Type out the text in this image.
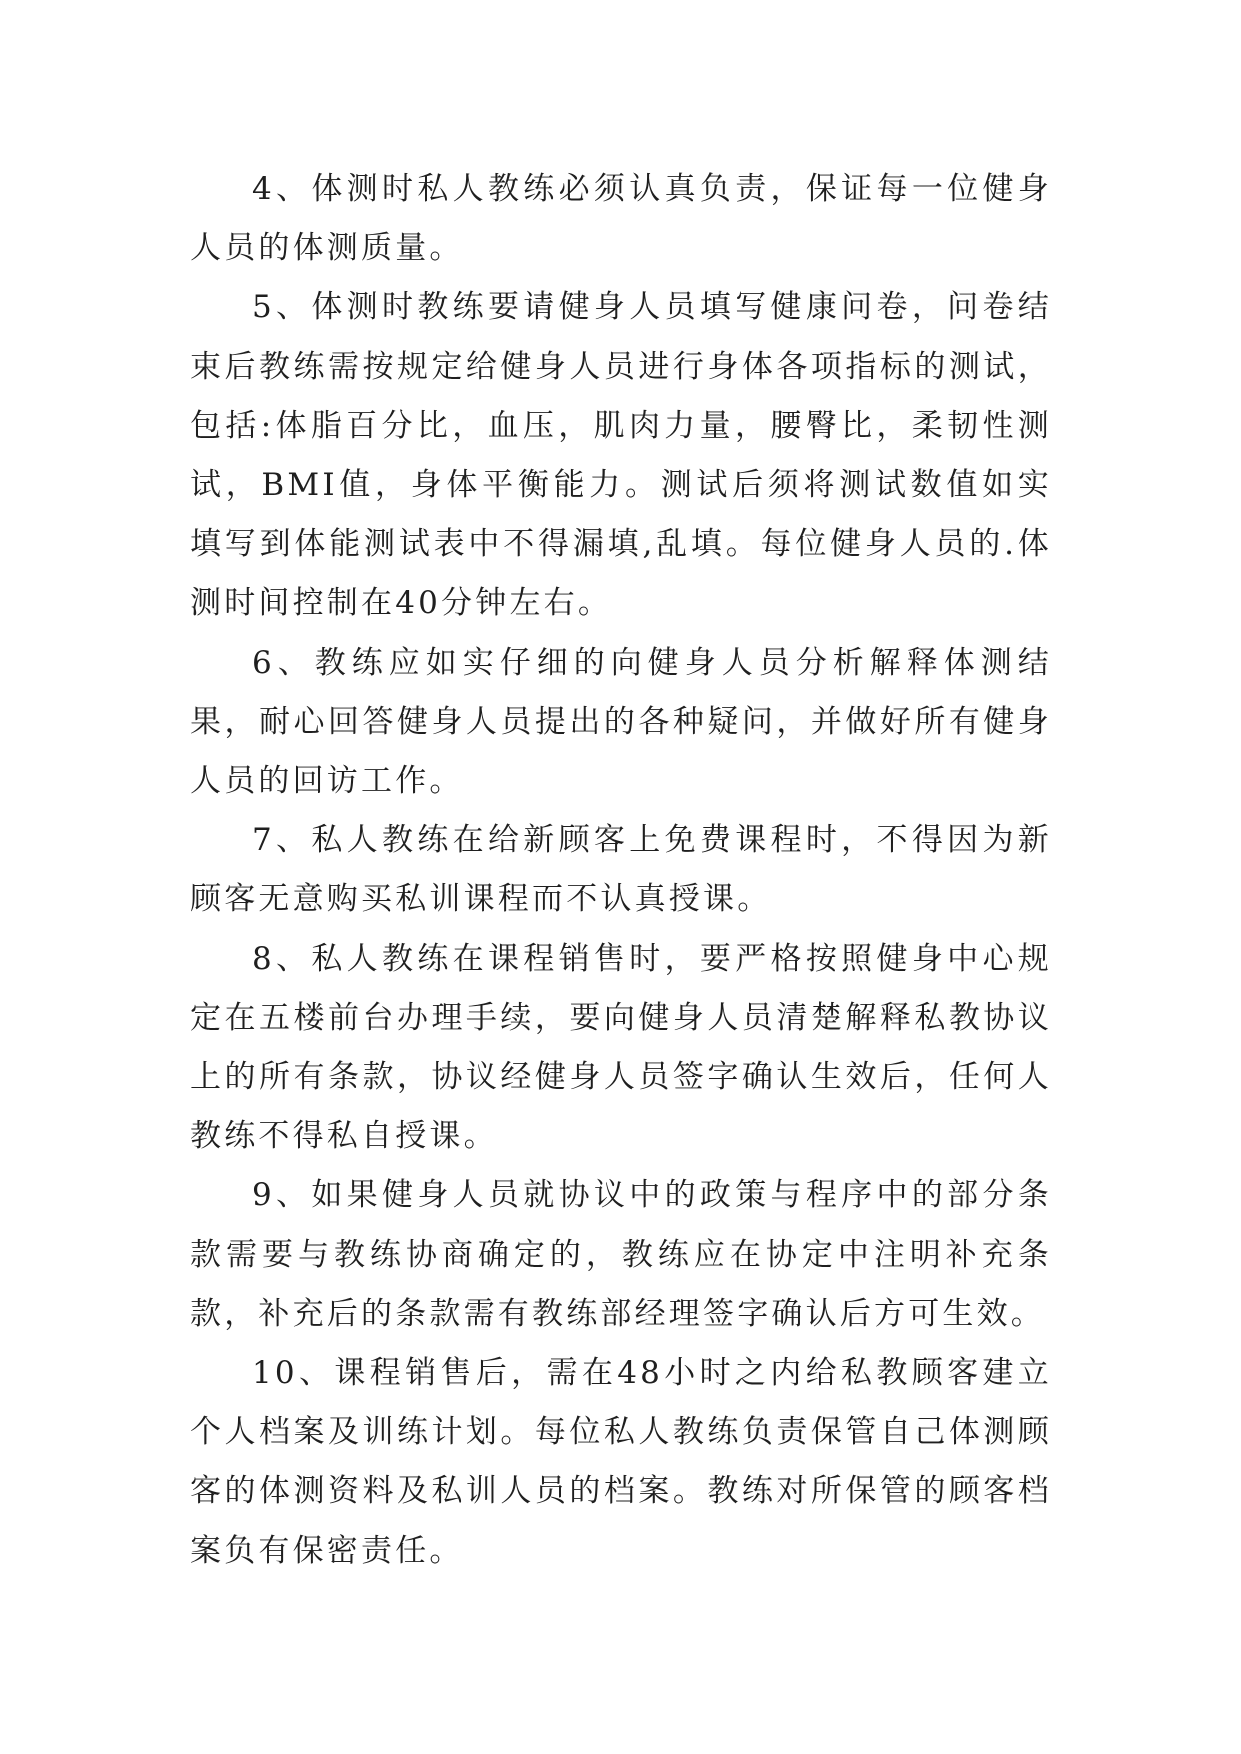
4、体测时私人教练必须认真负责，保证每一位健身人员的体测质量。

5、体测时教练要请健身人员填写健康问卷，问卷结束后教练需按规定给健身人员进行身体各项指标的测试，包括:体脂百分比，血压，肌肉力量，腰臀比，柔韧性测试，BMI值，身体平衡能力。测试后须将测试数值如实填写到体能测试表中不得漏填,乱填。每位健身人员的.体测时间控制在40分钟左右。

6、教练应如实仔细的向健身人员分析解释体测结果，耐心回答健身人员提出的各种疑问，并做好所有健身人员的回访工作。

7、私人教练在给新顾客上免费课程时，不得因为新顾客无意购买私训课程而不认真授课。

8、私人教练在课程销售时，要严格按照健身中心规定在五楼前台办理手续，要向健身人员清楚解释私教协议上的所有条款，协议经健身人员签字确认生效后，任何人教练不得私自授课。

9、如果健身人员就协议中的政策与程序中的部分条款需要与教练协商确定的，教练应在协定中注明补充条款，补充后的条款需有教练部经理签字确认后方可生效。

10、课程销售后，需在48小时之内给私教顾客建立个人档案及训练计划。每位私人教练负责保管自己体测顾客的体测资料及私训人员的档案。教练对所保管的顾客档案负有保密责任。
